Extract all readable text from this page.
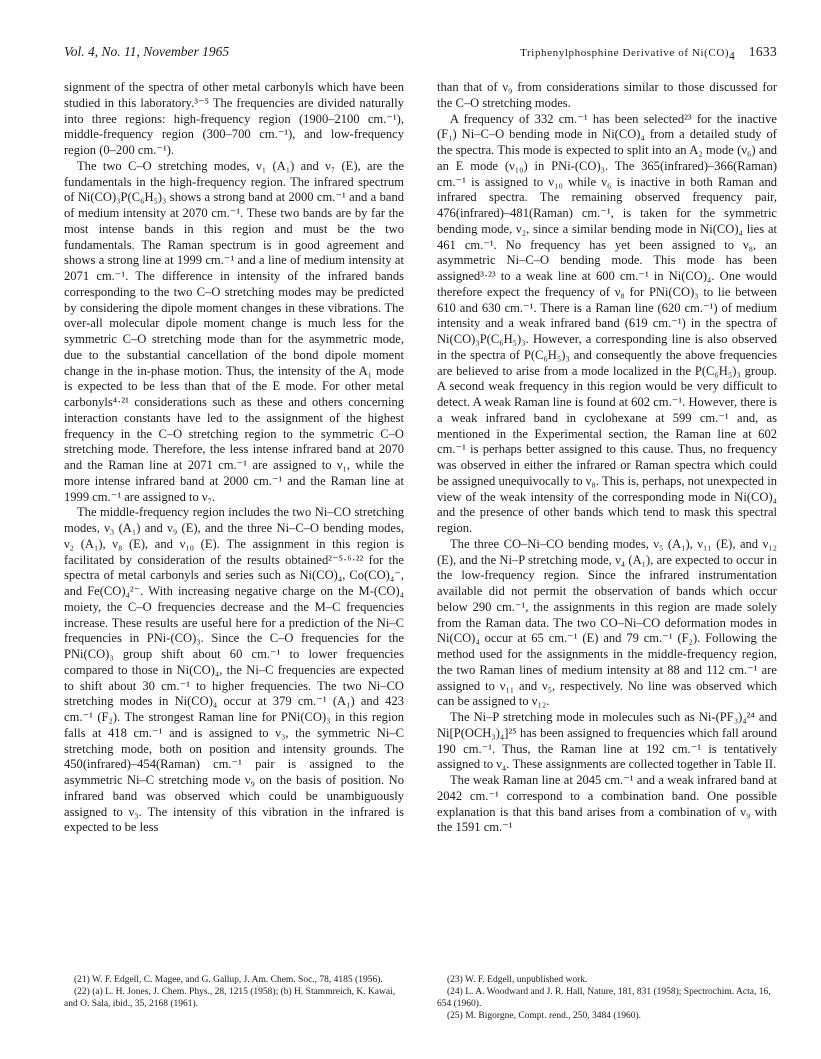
Vol. 4, No. 11, November 1965	Triphenylphosphine Derivative of $Ni(CO)_4$ 1633

signment of the spectra of other metal carbonyls which have been studied in this laboratory.³⁻⁵ The frequencies are divided naturally into three regions: high-frequency region (1900–2100 cm.⁻¹), middle-frequency region (300–700 cm.⁻¹), and low-frequency region (0–200 cm.⁻¹).

The two C–O stretching modes, ν₁ (A₁) and ν₇ (E), are the fundamentals in the high-frequency region. The infrared spectrum of Ni(CO)₃P(C₆H₅)₃ shows a strong band at 2000 cm.⁻¹ and a band of medium intensity at 2070 cm.⁻¹. These two bands are by far the most intense bands in this region and must be the two fundamentals. The Raman spectrum is in good agreement and shows a strong line at 1999 cm.⁻¹ and a line of medium intensity at 2071 cm.⁻¹. The difference in intensity of the infrared bands corresponding to the two C–O stretching modes may be predicted by considering the dipole moment changes in these vibrations. The over-all molecular dipole moment change is much less for the symmetric C–O stretching mode than for the asymmetric mode, due to the substantial cancellation of the bond dipole moment change in the in-phase motion. Thus, the intensity of the A₁ mode is expected to be less than that of the E mode. For other metal carbonyls⁴·²¹ considerations such as these and others concerning interaction constants have led to the assignment of the highest frequency in the C–O stretching region to the symmetric C–O stretching mode. Therefore, the less intense infrared band at 2070 and the Raman line at 2071 cm.⁻¹ are assigned to ν₁, while the more intense infrared band at 2000 cm.⁻¹ and the Raman line at 1999 cm.⁻¹ are assigned to ν₇.

The middle-frequency region includes the two Ni–CO stretching modes, ν₃ (A₁) and ν₉ (E), and the three Ni–C–O bending modes, ν₂ (A₁), ν₈ (E), and ν₁₀ (E). The assignment in this region is facilitated by consideration of the results obtained²⁻⁵·⁶·²² for the spectra of metal carbonyls and series such as Ni(CO)₄, Co(CO)₄⁻, and Fe(CO)₄²⁻. With increasing negative charge on the M-(CO)₄ moiety, the C–O frequencies decrease and the M–C frequencies increase. These results are useful here for a prediction of the Ni–C frequencies in PNi-(CO)₃. Since the C–O frequencies for the PNi(CO)₃ group shift about 60 cm.⁻¹ to lower frequencies compared to those in Ni(CO)₄, the Ni–C frequencies are expected to shift about 30 cm.⁻¹ to higher frequencies. The two Ni–CO stretching modes in Ni(CO)₄ occur at 379 cm.⁻¹ (A₁) and 423 cm.⁻¹ (F₂). The strongest Raman line for PNi(CO)₃ in this region falls at 418 cm.⁻¹ and is assigned to ν₃, the symmetric Ni–C stretching mode, both on position and intensity grounds. The 450(infrared)–454(Raman) cm.⁻¹ pair is assigned to the asymmetric Ni–C stretching mode ν₉ on the basis of position. No infrared band was observed which could be unambiguously assigned to ν₃. The intensity of this vibration in the infrared is expected to be less

than that of ν₉ from considerations similar to those discussed for the C–O stretching modes.

A frequency of 332 cm.⁻¹ has been selected²³ for the inactive (F₁) Ni–C–O bending mode in Ni(CO)₄ from a detailed study of the spectra. This mode is expected to split into an A₂ mode (ν₆) and an E mode (ν₁₀) in PNi-(CO)₃. The 365(infrared)–366(Raman) cm.⁻¹ is assigned to ν₁₀ while ν₆ is inactive in both Raman and infrared spectra. The remaining observed frequency pair, 476(infrared)–481(Raman) cm.⁻¹, is taken for the symmetric bending mode, ν₂, since a similar bending mode in Ni(CO)₄ lies at 461 cm.⁻¹. No frequency has yet been assigned to ν₈, an asymmetric Ni–C–O bending mode. This mode has been assigned³·²³ to a weak line at 600 cm.⁻¹ in Ni(CO)₄. One would therefore expect the frequency of ν₈ for PNi(CO)₃ to lie between 610 and 630 cm.⁻¹. There is a Raman line (620 cm.⁻¹) of medium intensity and a weak infrared band (619 cm.⁻¹) in the spectra of Ni(CO)₃P(C₆H₅)₃. However, a corresponding line is also observed in the spectra of P(C₆H₅)₃ and consequently the above frequencies are believed to arise from a mode localized in the P(C₆H₅)₃ group. A second weak frequency in this region would be very difficult to detect. A weak Raman line is found at 602 cm.⁻¹. However, there is a weak infrared band in cyclohexane at 599 cm.⁻¹ and, as mentioned in the Experimental section, the Raman line at 602 cm.⁻¹ is perhaps better assigned to this cause. Thus, no frequency was observed in either the infrared or Raman spectra which could be assigned unequivocally to ν₈. This is, perhaps, not unexpected in view of the weak intensity of the corresponding mode in Ni(CO)₄ and the presence of other bands which tend to mask this spectral region.

The three CO–Ni–CO bending modes, ν₅ (A₁), ν₁₁ (E), and ν₁₂ (E), and the Ni–P stretching mode, ν₄ (A₁), are expected to occur in the low-frequency region. Since the infrared instrumentation available did not permit the observation of bands which occur below 290 cm.⁻¹, the assignments in this region are made solely from the Raman data. The two CO–Ni–CO deformation modes in Ni(CO)₄ occur at 65 cm.⁻¹ (E) and 79 cm.⁻¹ (F₂). Following the method used for the assignments in the middle-frequency region, the two Raman lines of medium intensity at 88 and 112 cm.⁻¹ are assigned to ν₁₁ and ν₅, respectively. No line was observed which can be assigned to ν₁₂.

The Ni–P stretching mode in molecules such as Ni-(PF₃)₄²⁴ and Ni[P(OCH₃)₄]²⁵ has been assigned to frequencies which fall around 190 cm.⁻¹. Thus, the Raman line at 192 cm.⁻¹ is tentatively assigned to ν₄. These assignments are collected together in Table II.

The weak Raman line at 2045 cm.⁻¹ and a weak infrared band at 2042 cm.⁻¹ correspond to a combination band. One possible explanation is that this band arises from a combination of ν₉ with the 1591 cm.⁻¹

(21) W. F. Edgell, C. Magee, and G. Gallup, J. Am. Chem. Soc., 78, 4185 (1956).
(22) (a) L. H. Jones, J. Chem. Phys., 28, 1215 (1958); (b) H. Stammreich, K. Kawai, and O. Sala, ibid., 35, 2168 (1961).
(23) W. F. Edgell, unpublished work.
(24) L. A. Woodward and J. R. Hall, Nature, 181, 831 (1958); Spectrochim. Acta, 16, 654 (1960).
(25) M. Bigorgne, Compt. rend., 250, 3484 (1960).
